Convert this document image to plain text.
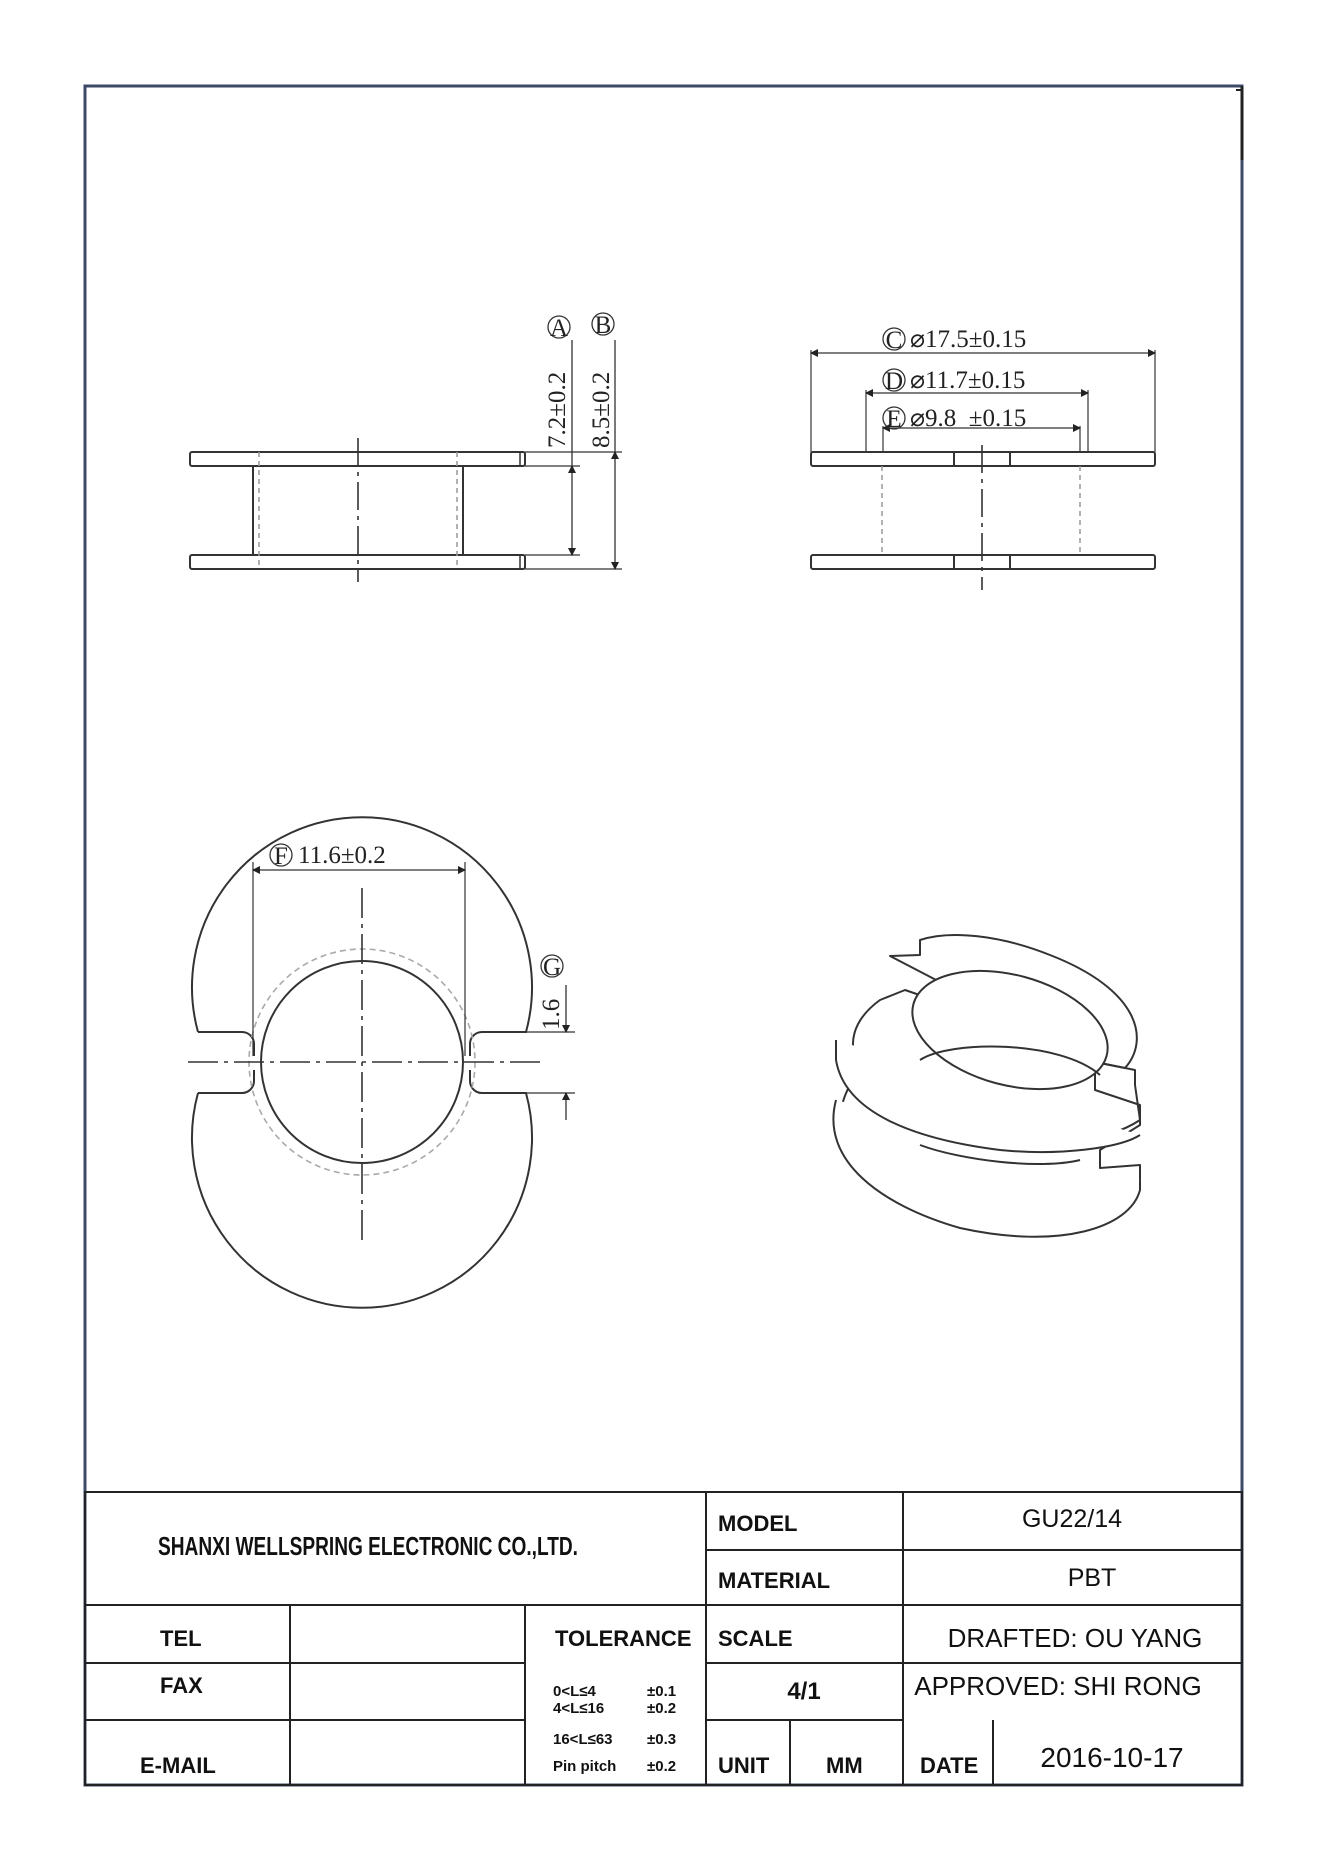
A
7.2±0.2
B
8.5±0.2
C ⌀17.5±0.15
D ⌀11.7±0.15
E ⌀9.8  ±0.15
F 11.6±0.2
G
1.6
SHANXI WELLSPRING ELECTRONIC CO.,LTD.
MODEL	GU22/14
MATERIAL	PBT
TEL
FAX
E-MAIL
TOLERANCE
0<L≤4	±0.1
4<L≤16	±0.2
16<L≤63 ±0.3
Pin pitch ±0.2
SCALE
4/1
UNIT	MM
DRAFTED: OU YANG
APPROVED: SHI RONG
DATE 2016-10-17
